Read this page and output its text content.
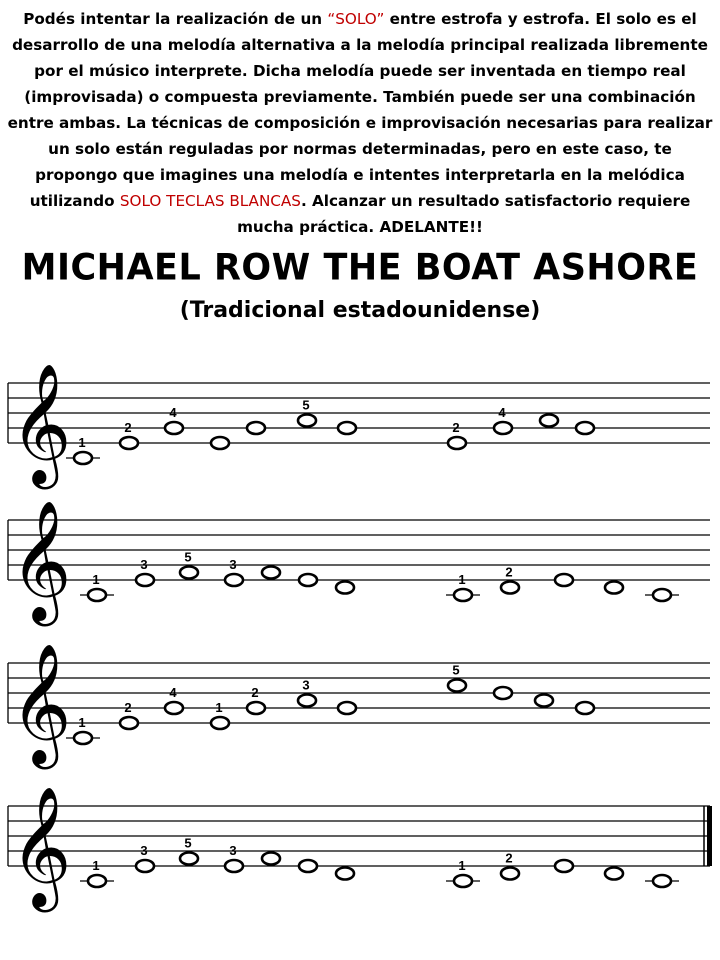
Podés intentar la realización de un “SOLO” entre estrofa y estrofa. El solo es el desarrollo de una melodía alternativa a la melodía principal realizada libremente por el músico interprete. Dicha melodía puede ser inventada en tiempo real (improvisada) o compuesta previamente. También puede ser una combinación entre ambas. La técnicas de composición e improvisación necesarias para realizar un solo están reguladas por normas determinadas, pero en este caso, te propongo que imagines una melodía e intentes interpretarla en la melódica utilizando SOLO TECLAS BLANCAS. Alcanzar un resultado satisfactorio requiere mucha práctica. ADELANTE!!
MICHAEL ROW THE BOAT ASHORE
(Tradicional estadounidense)
𝄞 1
2
4	5
2
4
𝄞 1
3	5	3
1	2
𝄞 1
2
4
1
2	3
5
𝄞 1
3	5	3
1	2
